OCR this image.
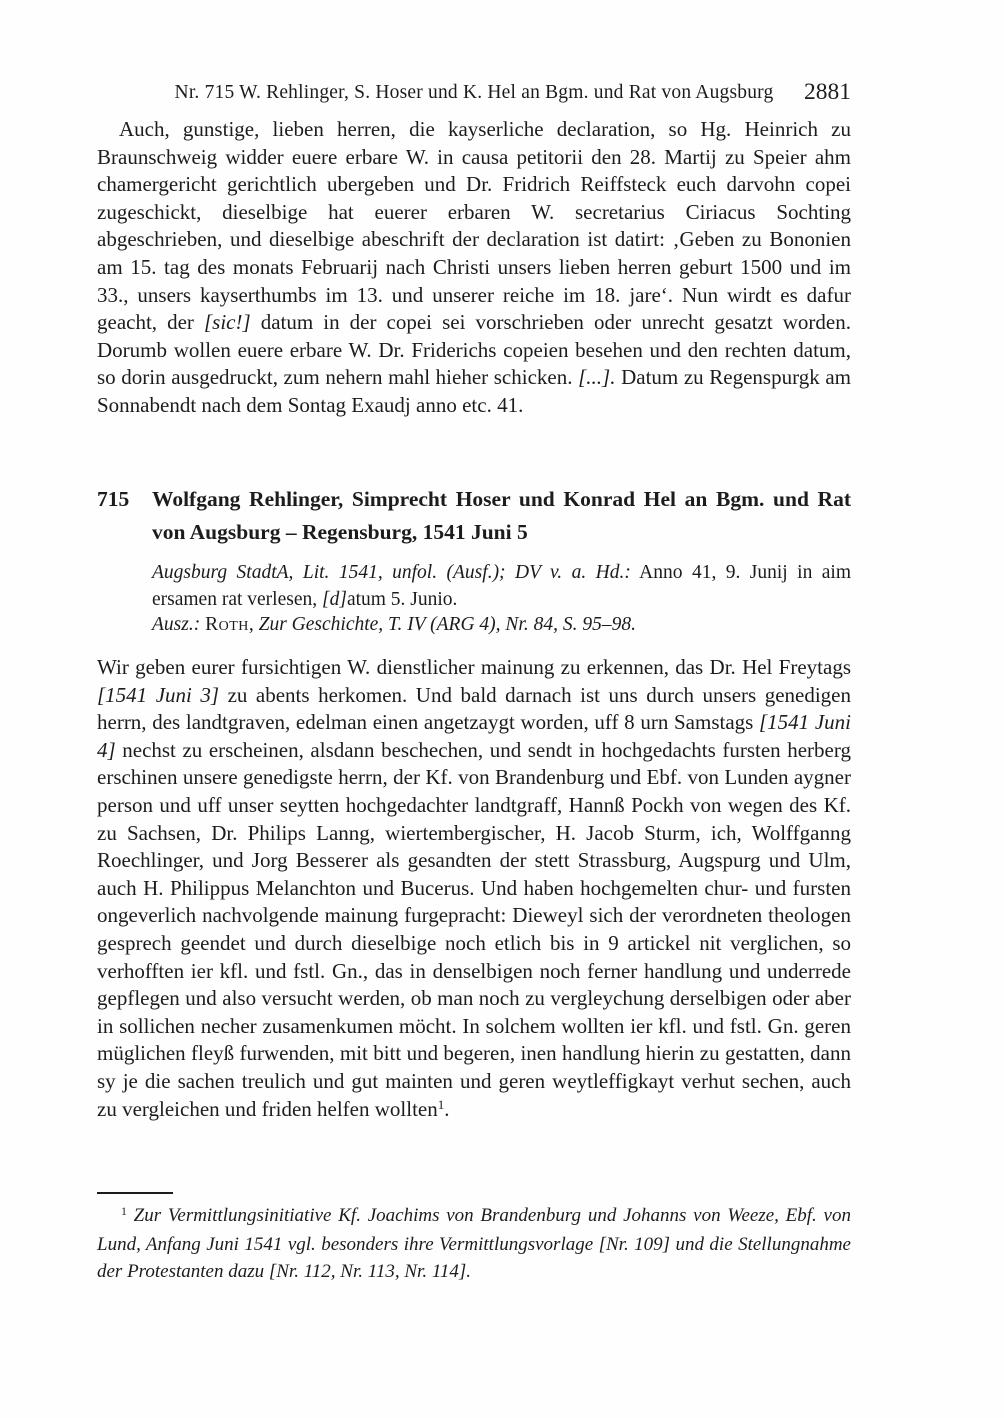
Nr. 715 W. Rehlinger, S. Hoser und K. Hel an Bgm. und Rat von Augsburg	2881
Auch, gunstige, lieben herren, die kayserliche declaration, so Hg. Heinrich zu Braunschweig widder euere erbare W. in causa petitorii den 28. Martij zu Speier ahm chamergericht gerichtlich ubergeben und Dr. Fridrich Reiffsteck euch darvohn copei zugeschickt, dieselbige hat euerer erbaren W. secretarius Ciriacus Sochting abgeschrieben, und dieselbige abeschrift der declaration ist datirt: ‚Geben zu Bononien am 15. tag des monats Februarij nach Christi unsers lieben herren geburt 1500 und im 33., unsers kayserthumbs im 13. und unserer reiche im 18. jare‘. Nun wirdt es dafur geacht, der [sic!] datum in der copei sei vorschrieben oder unrecht gesatzt worden. Dorumb wollen euere erbare W. Dr. Friderichs copeien besehen und den rechten datum, so dorin ausgedruckt, zum nehern mahl hieher schicken. [...]. Datum zu Regenspurgk am Sonnabendt nach dem Sontag Exaudj anno etc. 41.
715	Wolfgang Rehlinger, Simprecht Hoser und Konrad Hel an Bgm. und Rat von Augsburg – Regensburg, 1541 Juni 5
Augsburg StadtA, Lit. 1541, unfol. (Ausf.); DV v. a. Hd.: Anno 41, 9. Junij in aim ersamen rat verlesen, [d]atum 5. Junio.
Ausz.: Roth, Zur Geschichte, T. IV (ARG 4), Nr. 84, S. 95–98.
Wir geben eurer fursichtigen W. dienstlicher mainung zu erkennen, das Dr. Hel Freytags [1541 Juni 3] zu abents herkomen. Und bald darnach ist uns durch unsers genedigen herrn, des landtgraven, edelman einen angetzaygt worden, uff 8 urn Samstags [1541 Juni 4] nechst zu erscheinen, alsdann beschechen, und sendt in hochgedachts fursten herberg erschinen unsere genedigste herrn, der Kf. von Brandenburg und Ebf. von Lunden aygner person und uff unser seytten hochgedachter landtgraff, Hannß Pockh von wegen des Kf. zu Sachsen, Dr. Philips Lanng, wiertembergischer, H. Jacob Sturm, ich, Wolffganng Roechlinger, und Jorg Besserer als gesandten der stett Strassburg, Augspurg und Ulm, auch H. Philippus Melanchton und Bucerus. Und haben hochgemelten chur- und fursten ongeverlich nachvolgende mainung furgepracht: Dieweyl sich der verordneten theologen gesprech geendet und durch dieselbige noch etlich bis in 9 artickel nit verglichen, so verhofften ier kfl. und fstl. Gn., das in denselbigen noch ferner handlung und underrede gepflegen und also versucht werden, ob man noch zu vergleychung derselbigen oder aber in sollichen necher zusamenkumen möcht. In solchem wollten ier kfl. und fstl. Gn. geren müglichen fleyß furwenden, mit bitt und begeren, inen handlung hierin zu gestatten, dann sy je die sachen treulich und gut mainten und geren weytleffigkayt verhut sechen, auch zu vergleichen und friden helfen wollten$^1$.
$^1$ Zur Vermittlungsinitiative Kf. Joachims von Brandenburg und Johanns von Weeze, Ebf. von Lund, Anfang Juni 1541 vgl. besonders ihre Vermittlungsvorlage [Nr. 109] und die Stellungnahme der Protestanten dazu [Nr. 112, Nr. 113, Nr. 114].
